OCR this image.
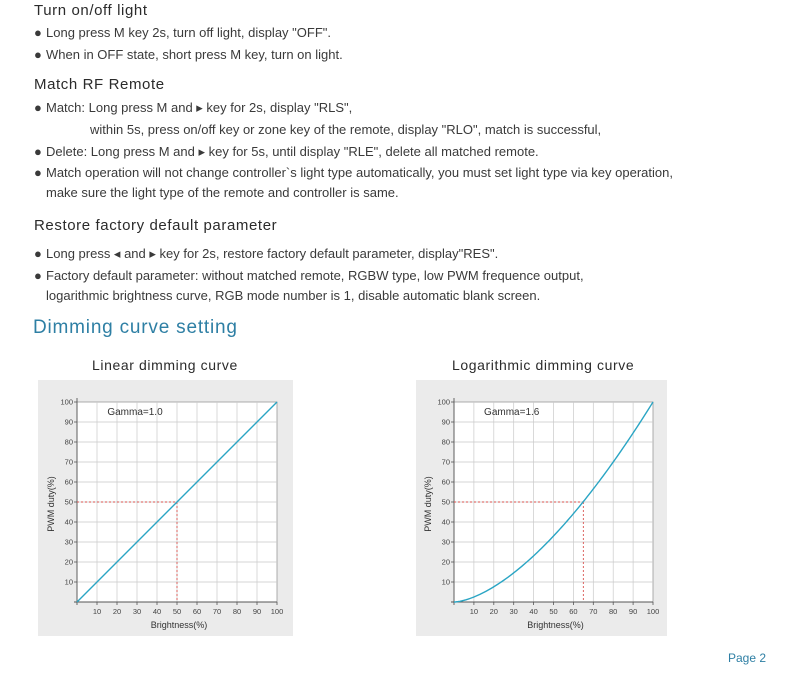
Turn on/off light
● Long press M key 2s, turn off light, display "OFF".
● When in OFF state, short press M key, turn on light.
Match RF Remote
● Match: Long press M and ▸ key for 2s, display "RLS",
within 5s, press on/off key or zone key of the remote, display "RLO", match is successful,
● Delete: Long press M and ▸ key for 5s, until display "RLE", delete all matched remote.
● Match operation will not change controller`s light type automatically, you must set light type via key operation,
make sure the light type of the remote and controller is same.
Restore factory default parameter
● Long press ◂ and ▸ key for 2s, restore factory default parameter, display"RES".
● Factory default parameter: without matched remote, RGBW type, low PWM frequence output,
logarithmic brightness curve, RGB mode number is 1, disable automatic blank screen.
Dimming curve setting
Linear dimming curve	Logarithmic dimming curve
10 20 30 40 50 60 70 80 90 100
10
20
30
40
50
60
70
80
90
100
Brightness(%)
PWM duty(%)
Gamma=1.0
10 20 30 40 50 60 70 80 90 100
10
20
30
40
50
60
70
80
90
100
Brightness(%)
PWM duty(%)
Gamma=1.6
Page 2
